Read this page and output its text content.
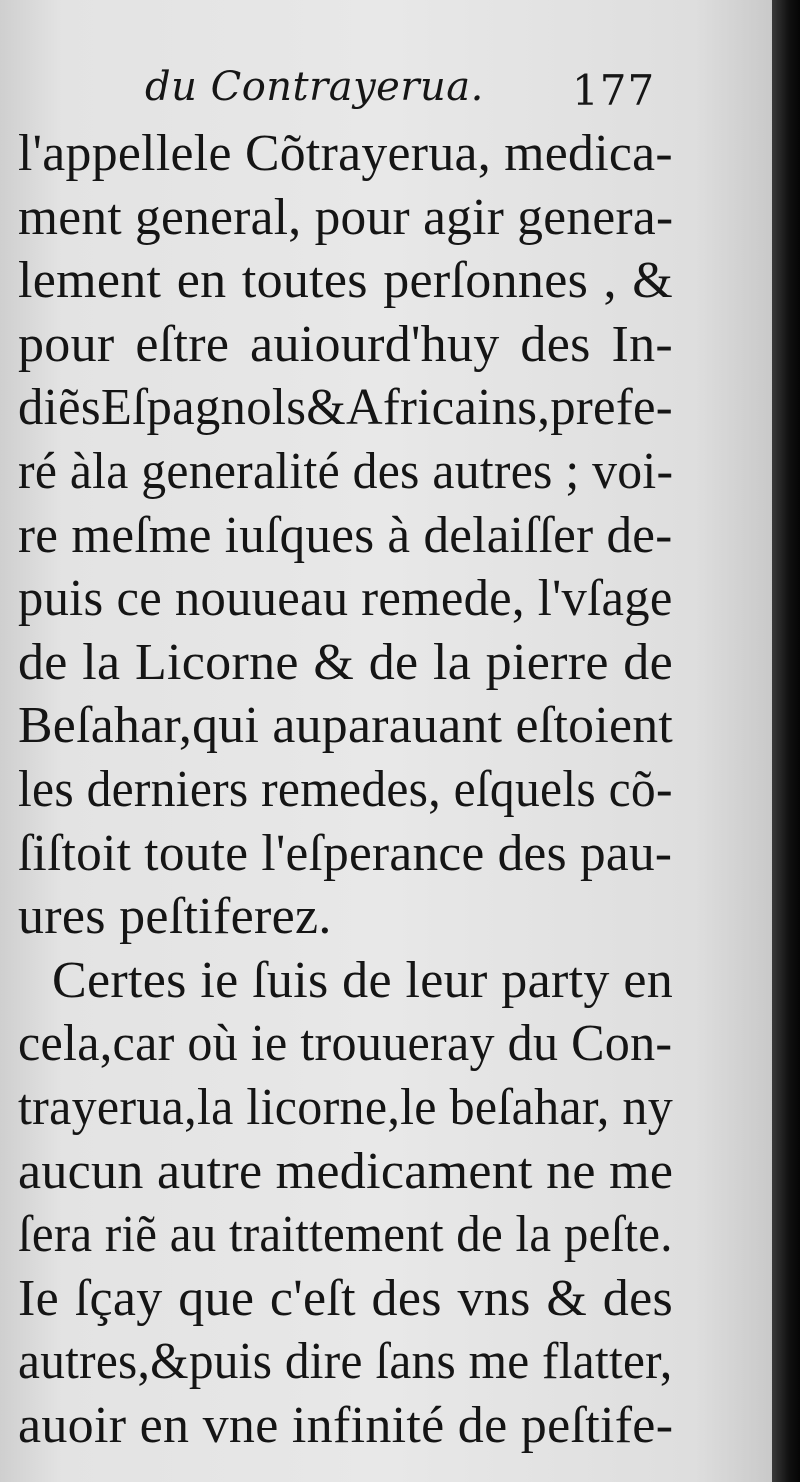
du Contrayerua. 177
l'appellele Cõtrayerua, medica-
ment general, pour agir genera-
lement en toutes perſonnes , &
pour eſtre auiourd'huy des In-
diẽsEſpagnols&Africains,prefe-
ré àla generalité des autres ; voi-
re meſme iuſques à delaiſſer de-
puis ce nouueau remede, l'vſage
de la Licorne & de la pierre de
Beſahar,qui auparauant eſtoient
les derniers remedes, eſquels cõ-
ſiſtoit toute l'eſperance des pau-
ures peſtiferez.
Certes ie ſuis de leur party en
cela,car où ie trouueray du Con-
trayerua,la licorne,le beſahar, ny
aucun autre medicament ne me
ſera riẽ au traittement de la peſte.
Ie ſçay que c'eſt des vns & des
autres,&puis dire ſans me flatter,
auoir en vne infinité de peſtife-
